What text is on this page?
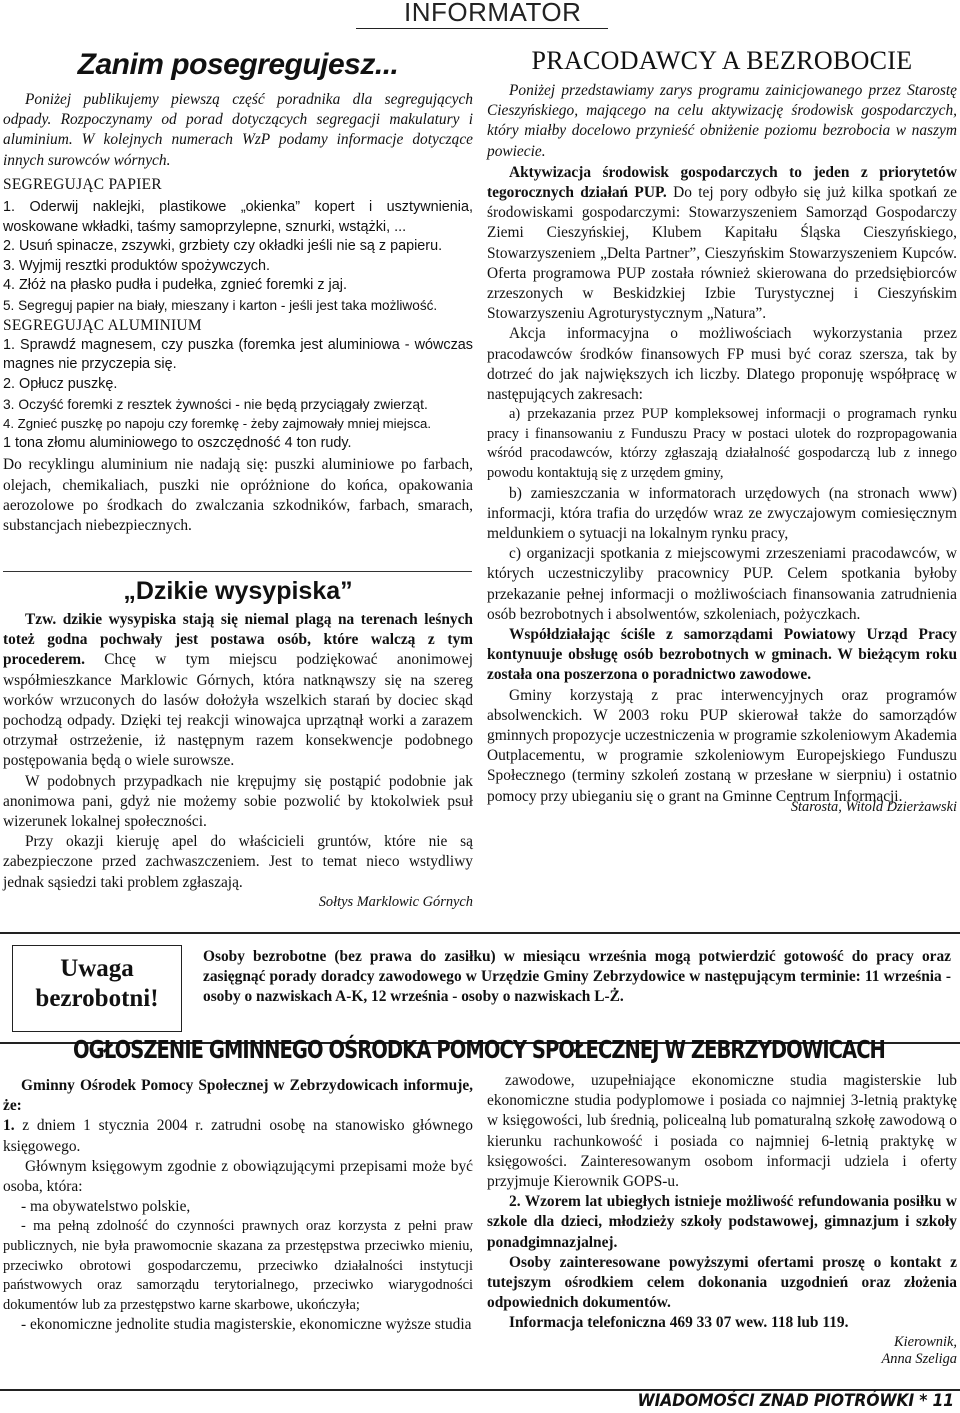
INFORMATOR
Zanim posegregujesz...

Poniżej publikujemy piewszą część poradnika dla segregujących odpady. Rozpoczynamy od porad dotyczących segregacji makulatury i aluminium. W kolejnych numerach WzP podamy informacje dotyczące innych surowców wórnych.

SEGREGUJĄC PAPIER
1. Oderwij naklejki, plastikowe „okienka” kopert i usztywnienia, woskowane wkładki, taśmy samoprzylepne, sznurki, wstążki, ...
2. Usuń spinacze, zszywki, grzbiety czy okładki jeśli nie są z papieru.
3. Wyjmij resztki produktów spożywczych.
4. Złóż na płasko pudła i pudełka, zgnieć foremki z jaj.
5. Segreguj papier na biały, mieszany i karton - jeśli jest taka możliwość.
SEGREGUJĄC ALUMINIUM
1. Sprawdź magnesem, czy puszka (foremka jest aluminiowa - wówczas magnes nie przyczepia się.
2. Opłucz puszkę.
3. Oczyść foremki z resztek żywności - nie będą przyciągały zwierząt.
4. Zgnieć puszkę po napoju czy foremkę - żeby zajmowały mniej miejsca.
1 tona złomu aluminiowego to oszczędność 4 ton rudy.

Do recyklingu aluminium nie nadają się: puszki aluminiowe po farbach, olejach, chemikaliach, puszki nie opróżnione do końca, opakowania aerozolowe po środkach do zwalczania szkodników, farbach, smarach, substancjach niebezpiecznych.

„Dzikie wysypiska”

Tzw. dzikie wysypiska stają się niemal plagą na terenach leśnych toteż godna pochwały jest postawa osób, które walczą z tym procederem. Chcę w tym miejscu podziękować anonimowej współmieszkance Marklowic Górnych, która natknąwszy się na szereg worków wrzuconych do lasów dołożyła wszelkich starań by dociec skąd pochodzą odpady. Dzięki tej reakcji winowajca uprzątnął worki a zarazem otrzymał ostrzeżenie, iż następnym razem konsekwencje podobnego postępowania będą o wiele surowsze.

W podobnych przypadkach nie krępujmy się postąpić podobnie jak anonimowa pani, gdyż nie możemy sobie pozwolić by ktokolwiek psuł wizerunek lokalnej społeczności.

Przy okazji kieruję apel do właścicieli gruntów, które nie są zabezpieczone przed zachwaszczeniem. Jest to temat nieco wstydliwy jednak sąsiedzi taki problem zgłaszają.

Sołtys Marklowic Górnych
PRACODAWCY A BEZROBOCIE

Poniżej przedstawiamy zarys programu zainicjowanego przez Starostę Cieszyńskiego, mającego na celu aktywizację środowisk gospodarczych, który miałby docelowo przynieść obniżenie poziomu bezrobocia w naszym powiecie.

Aktywizacja środowisk gospodarczych to jeden z priorytetów tegorocznych działań PUP. Do tej pory odbyło się już kilka spotkań ze środowiskami gospodarczymi: Stowarzyszeniem Samorząd Gospodarczy Ziemi Cieszyńskiej, Klubem Kapitału Śląska Cieszyńskiego, Stowarzyszeniem „Delta Partner”, Cieszyńskim Stowarzyszeniem Kupców. Oferta programowa PUP została również skierowana do przedsiębiorców zrzeszonych w Beskidzkiej Izbie Turystycznej i Cieszyńskim Stowarzyszeniu Agroturystycznym „Natura”.

Akcja informacyjna o możliwościach wykorzystania przez pracodawców środków finansowych FP musi być coraz szersza, tak by dotrzeć do jak największych ich liczby. Dlatego proponuję współpracę w następujących zakresach:

a) przekazania przez PUP kompleksowej informacji o programach rynku pracy i finansowaniu z Funduszu Pracy w postaci ulotek do rozpropagowania wśród pracodawców, którzy zgłaszają działalność gospodarczą lub z innego powodu kontaktują się z urzędem gminy,

b) zamieszczania w informatorach urzędowych (na stronach www) informacji, która trafia do urzędów wraz ze zwyczajowym comiesięcznym meldunkiem o sytuacji na lokalnym rynku pracy,

c) organizacji spotkania z miejscowymi zrzeszeniami pracodawców, w których uczestniczyliby pracownicy PUP. Celem spotkania byłoby przekazanie pełnej informacji o możliwościach finansowania zatrudnienia osób bezrobotnych i absolwentów, szkoleniach, pożyczkach.

Współdziałając ściśle z samorządami Powiatowy Urząd Pracy kontynuuje obsługę osób bezrobotnych w gminach. W bieżącym roku została ona poszerzona o poradnictwo zawodowe.

Gminy korzystają z prac interwencyjnych oraz programów absolwenckich. W 2003 roku PUP skierował także do samorządów gminnych propozycje uczestniczenia w programie szkoleniowym Akademia Outplacementu, w programie szkoleniowym Europejskiego Funduszu Społecznego (terminy szkoleń zostaną w przesłane w sierpniu) i ostatnio pomocy przy ubieganiu się o grant na Gminne Centrum Informacji.

Starosta, Witold Dzierżawski
Uwaga
bezrobotni!
Osoby bezrobotne (bez prawa do zasiłku) w miesiącu września mogą potwierdzić gotowość do pracy oraz zasięgnąć porady doradcy zawodowego w Urzędzie Gminy Zebrzydowice w następującym terminie: 11 września - osoby o nazwiskach A-K, 12 września - osoby o nazwiskach L-Ż.
OGŁOSZENIE GMINNEGO OŚRODKA POMOCY SPOŁECZNEJ W ZEBRZYDOWICACH

Gminny Ośrodek Pomocy Społecznej w Zebrzydowicach informuje, że:

1. z dniem 1 stycznia 2004 r. zatrudni osobę na stanowisko głównego księgowego.

Głównym księgowym zgodnie z obowiązującymi przepisami może być osoba, która:

- ma obywatelstwo polskie,

- ma pełną zdolność do czynności prawnych oraz korzysta z pełni praw publicznych, nie była prawomocnie skazana za przestępstwa przeciwko mieniu, przeciwko obrotowi gospodarczemu, przeciwko działalności instytucji państwowych oraz samorządu terytorialnego, przeciwko wiarygodności dokumentów lub za przestępstwo karne skarbowe, ukończyła;

- ekonomiczne jednolite studia magisterskie, ekonomiczne wyższe studia

zawodowe, uzupełniające ekonomiczne studia magisterskie lub ekonomiczne studia podyplomowe i posiada co najmniej 3-letnią praktykę w księgowości, lub średnią, policealną lub pomaturalną szkołę zawodową o kierunku rachunkowość i posiada co najmniej 6-letnią praktykę w księgowości. Zainteresowanym osobom informacji udziela i oferty przyjmuje Kierownik GOPS-u.

2. Wzorem lat ubiegłych istnieje możliwość refundowania posiłku w szkole dla dzieci, młodzieży szkoły podstawowej, gimnazjum i szkoły ponadgimnazjalnej.

Osoby zainteresowane powyższymi ofertami proszę o kontakt z tutejszym ośrodkiem celem dokonania uzgodnień oraz złożenia odpowiednich dokumentów.

Informacja telefoniczna 469 33 07 wew. 118 lub 119.

Kierownik,
Anna Szeliga
WIADOMOŚCI ZNAD PIOTRÓWKI * 11
